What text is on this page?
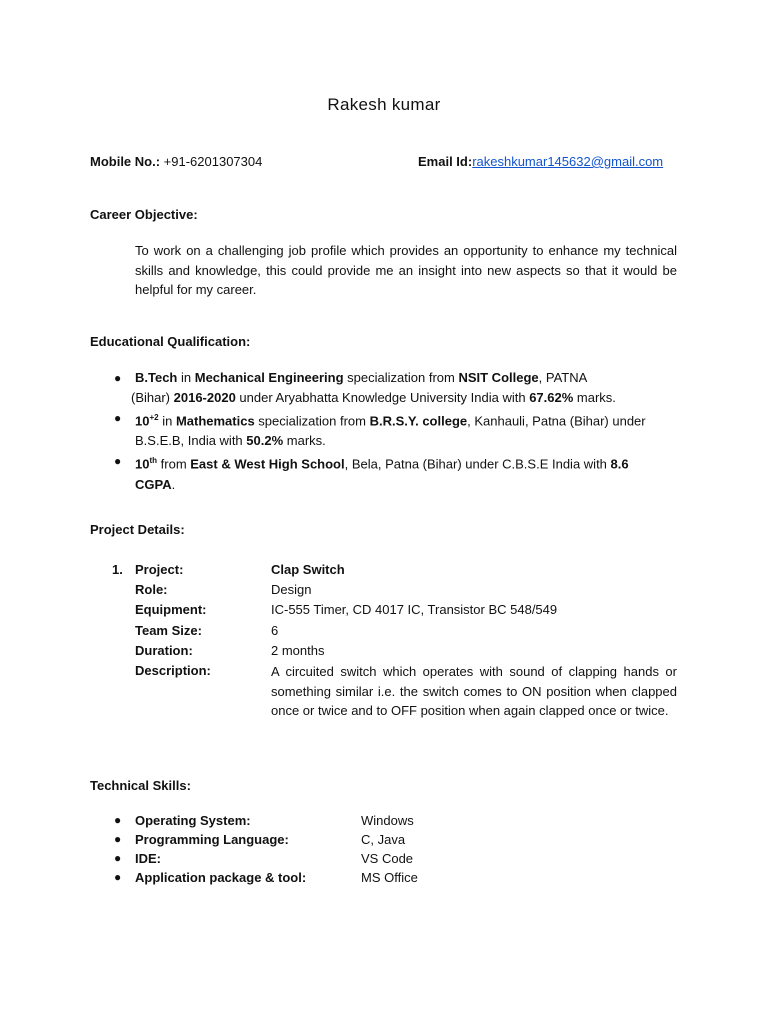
Rakesh kumar
Mobile No.: +91-6201307304	Email Id:rakeshkumar145632@gmail.com
Career Objective:
To work on a challenging job profile which provides an opportunity to enhance my technical skills and knowledge, this could provide me an insight into new aspects so that it would be helpful for my career.
Educational Qualification:
● B.Tech in Mechanical Engineering specialization from NSIT College, PATNA
(Bihar) 2016-2020 under Aryabhatta Knowledge University India with 67.62% marks.
● $10^{+2}$ in Mathematics specialization from B.R.S.Y. college, Kanhauli, Patna (Bihar) under
B.S.E.B, India with 50.2% marks.
● 10th from East & West High School, Bela, Patna (Bihar) under C.B.S.E India with 8.6
CGPA.
Project Details:
1. Project:	Clap Switch
Role:	Design
Equipment:	IC-555 Timer, CD 4017 IC, Transistor BC 548/549
Team Size:	6
Duration:	2 months
Description:	A circuited switch which operates with sound of clapping hands or something similar i.e. the switch comes to ON position when clapped once or twice and to OFF position when again clapped once or twice.
Technical Skills:
● Operating System:	Windows
● Programming Language:	C, Java
● IDE:	VS Code
● Application package & tool:	MS Office
